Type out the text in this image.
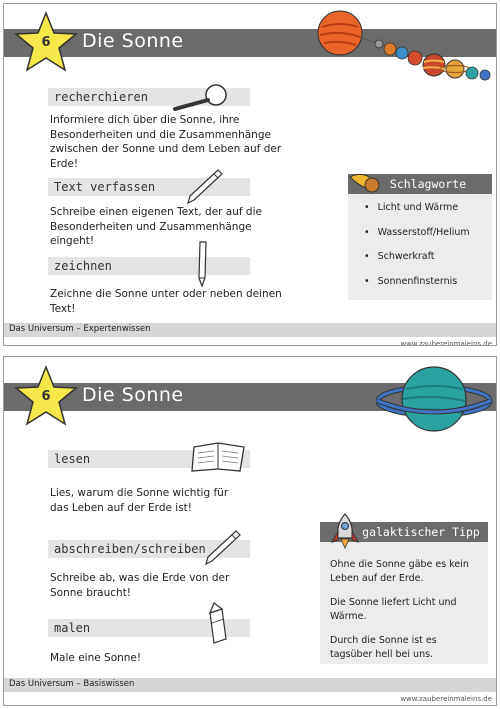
Die Sonne
6
recherchieren
Informiere dich über die Sonne, ihre Besonderheiten und die Zusammenhänge zwischen der Sonne und dem Leben auf der Erde!
Text verfassen
Schreibe einen eigenen Text, der auf die Besonderheiten und Zusammenhänge eingeht!
zeichnen
Zeichne die Sonne unter oder neben deinen Text!
Schlagworte
• Licht und Wärme
• Wasserstoff/Helium
• Schwerkraft
• Sonnenfinsternis
Das Universum – Expertenwissen
www.zaubereinmaleins.de
Die Sonne
6
lesen
Lies, warum die Sonne wichtig für das Leben auf der Erde ist!
abschreiben/schreiben
Schreibe ab, was die Erde von der Sonne braucht!
malen
Male eine Sonne!
galaktischer Tipp
Ohne die Sonne gäbe es kein Leben auf der Erde.
Die Sonne liefert Licht und Wärme.
Durch die Sonne ist es tagsüber hell bei uns.
Das Universum – Basiswissen
www.zaubereinmaleins.de
